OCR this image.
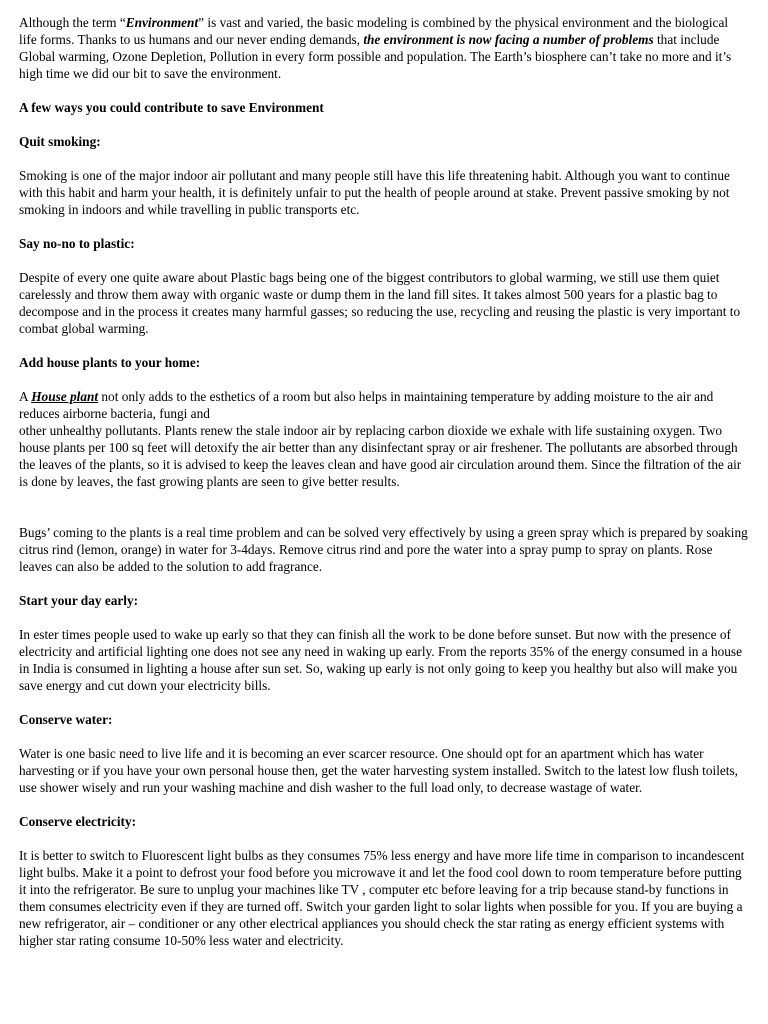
Although the term “Environment” is vast and varied, the basic modeling is combined by the physical environment and the biological life forms. Thanks to us humans and our never ending demands, the environment is now facing a number of problems that include Global warming, Ozone Depletion, Pollution in every form possible and population. The Earth’s biosphere can’t take no more and it’s high time we did our bit to save the environment.

A few ways you could contribute to save Environment

Quit smoking:

Smoking is one of the major indoor air pollutant and many people still have this life threatening habit. Although you want to continue with this habit and harm your health, it is definitely unfair to put the health of people around at stake. Prevent passive smoking by not smoking in indoors and while travelling in public transports etc.

Say no-no to plastic:

Despite of every one quite aware about Plastic bags being one of the biggest contributors to global warming, we still use them quiet carelessly and throw them away with organic waste or dump them in the land fill sites. It takes almost 500 years for a plastic bag to decompose and in the process it creates many harmful gasses; so reducing the use, recycling and reusing the plastic is very important to combat global warming.

Add house plants to your home:

A House plant not only adds to the esthetics of a room but also helps in maintaining temperature by adding moisture to the air and reduces airborne bacteria, fungi and
other unhealthy pollutants. Plants renew the stale indoor air by replacing carbon dioxide we exhale with life sustaining oxygen. Two house plants per 100 sq feet will detoxify the air better than any disinfectant spray or air freshener. The pollutants are absorbed through the leaves of the plants, so it is advised to keep the leaves clean and have good air circulation around them. Since the filtration of the air is done by leaves, the fast growing plants are seen to give better results.

Bugs’ coming to the plants is a real time problem and can be solved very effectively by using a green spray which is prepared by soaking citrus rind (lemon, orange) in water for 3-4days. Remove citrus rind and pore the water into a spray pump to spray on plants. Rose leaves can also be added to the solution to add fragrance.

Start your day early:

In ester times people used to wake up early so that they can finish all the work to be done before sunset. But now with the presence of electricity and artificial lighting one does not see any need in waking up early. From the reports 35% of the energy consumed in a house in India is consumed in lighting a house after sun set. So, waking up early is not only going to keep you healthy but also will make you save energy and cut down your electricity bills.

Conserve water:

Water is one basic need to live life and it is becoming an ever scarcer resource. One should opt for an apartment which has water harvesting or if you have your own personal house then, get the water harvesting system installed. Switch to the latest low flush toilets, use shower wisely and run your washing machine and dish washer to the full load only, to decrease wastage of water.

Conserve electricity:

It is better to switch to Fluorescent light bulbs as they consumes 75% less energy and have more life time in comparison to incandescent light bulbs. Make it a point to defrost your food before you microwave it and let the food cool down to room temperature before putting it into the refrigerator. Be sure to unplug your machines like TV , computer etc before leaving for a trip because stand-by functions in them consumes electricity even if they are turned off. Switch your garden light to solar lights when possible for you. If you are buying a new refrigerator, air – conditioner or any other electrical appliances you should check the star rating as energy efficient systems with higher star rating consume 10-50% less water and electricity.
